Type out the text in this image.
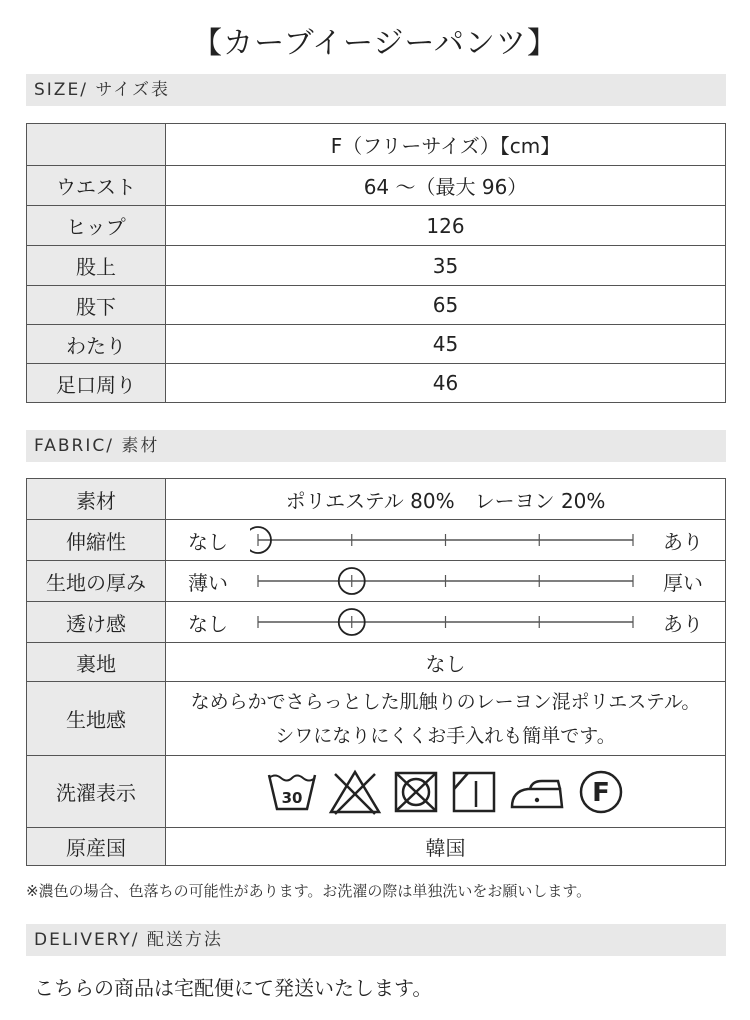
【カーブイージーパンツ】
SIZE/ サイズ表
	F（フリーサイズ）【cm】
ウエスト	64 〜（最大 96）
ヒップ	126
股上	35
股下	65
わたり	45
足口周り	46
FABRIC/ 素材
素材	ポリエステル 80%　レーヨン 20%
伸縮性	なし あり

生地の厚み	薄い 厚い

透け感	なし あり

裏地	なし
生地感	なめらかでさらっとした肌触りのレーヨン混ポリエステル。
シワになりにくくお手入れも簡単です。

洗濯表示	30 F

原産国	韓国
※濃色の場合、色落ちの可能性があります。お洗濯の際は単独洗いをお願いします。
DELIVERY/ 配送方法
こちらの商品は宅配便にて発送いたします。
